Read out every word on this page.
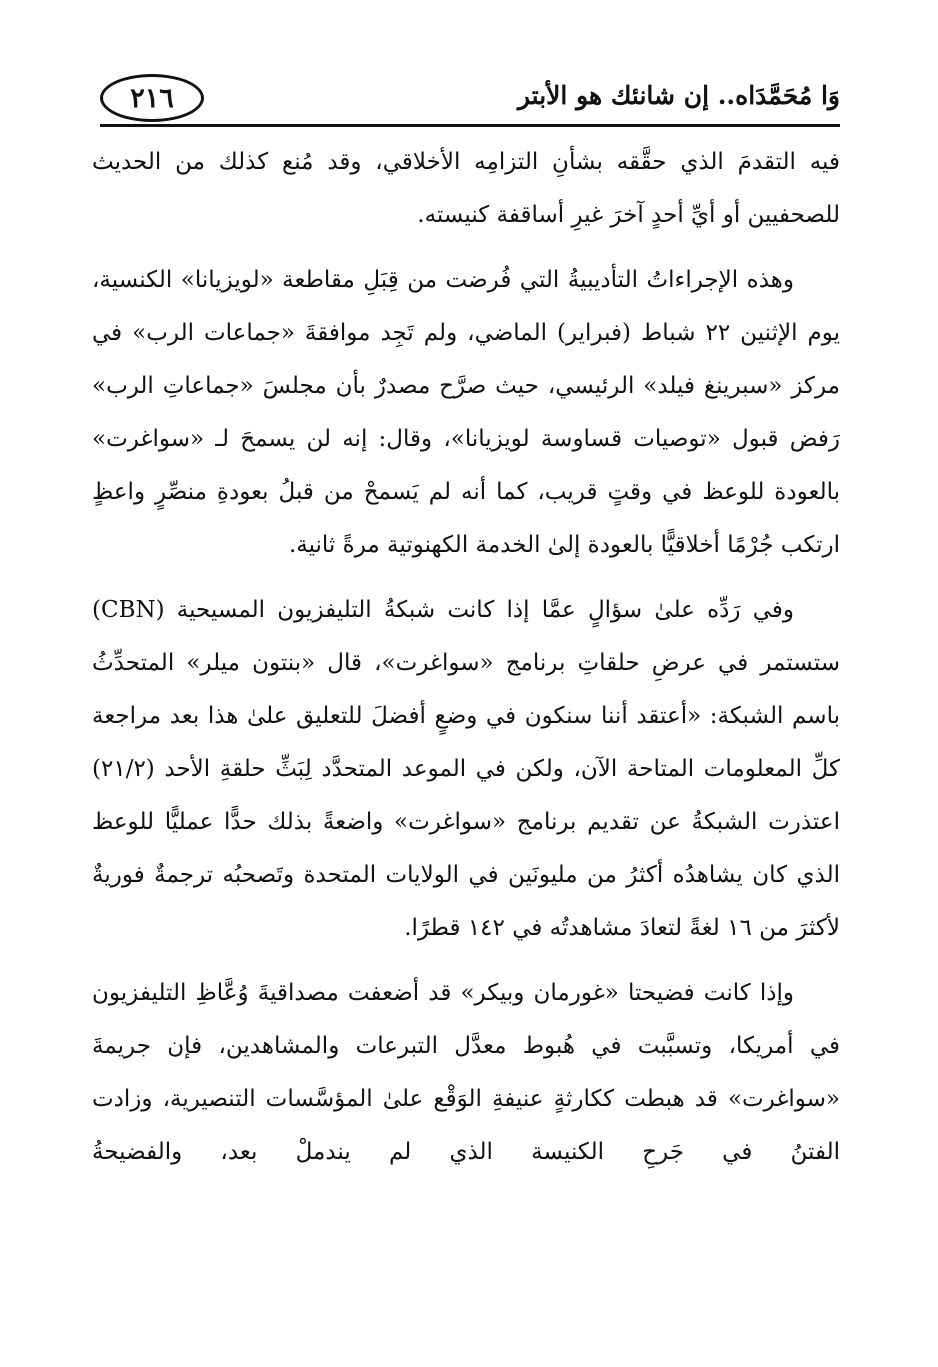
٢١٦	وَا مُحَمَّدَاه.. إن شانئك هو الأبتر

فيه التقدمَ الذي حقَّقه بشأنِ التزامِه الأخلاقي، وقد مُنع كذلك من الحديث للصحفيين أو أيِّ أحدٍ آخرَ غيرِ أساقفة كنيسته.

وهذه الإجراءاتُ التأديبيةُ التي فُرضت من قِبَلِ مقاطعة «لويزيانا» الكنسية، يوم الإثنين ٢٢ شباط (فبراير) الماضي، ولم تَجِد موافقةَ «جماعات الرب» في مركز «سبرينغ فيلد» الرئيسي، حيث صرَّح مصدرٌ بأن مجلسَ «جماعاتِ الرب» رَفض قبول «توصيات قساوسة لويزيانا»، وقال: إنه لن يسمحَ لـ «سواغرت» بالعودة للوعظ في وقتٍ قريب، كما أنه لم يَسمحْ من قبلُ بعودةِ منصِّرٍ واعظٍ ارتكب جُرْمًا أخلاقيًّا بالعودة إلىٰ الخدمة الكهنوتية مرةً ثانية.

وفي رَدِّه علىٰ سؤالٍ عمَّا إذا كانت شبكةُ التليفزيون المسيحية (CBN) ستستمر في عرضِ حلقاتِ برنامج «سواغرت»، قال «بنتون ميلر» المتحدِّثُ باسم الشبكة: «أعتقد أننا سنكون في وضعٍ أفضلَ للتعليق علىٰ هذا بعد مراجعة كلِّ المعلومات المتاحة الآن، ولكن في الموعد المتحدَّد لِبَثِّ حلقةِ الأحد (٢١/٢) اعتذرت الشبكةُ عن تقديم برنامج «سواغرت» واضعةً بذلك حدًّا عمليًّا للوعظ الذي كان يشاهدُه أكثرُ من مليونَين في الولايات المتحدة وتَصحبُه ترجمةٌ فوريةٌ لأكثرَ من ١٦ لغةً لتعادَ مشاهدتُه في ١٤٢ قطرًا.

وإذا كانت فضيحتا «غورمان وبيكر» قد أضعفت مصداقيةَ وُعَّاظِ التليفزيون في أمريكا، وتسبَّبت في هُبوط معدَّل التبرعات والمشاهدين، فإن جريمةَ «سواغرت» قد هبطت ككارثةٍ عنيفةِ الوَقْع علىٰ المؤسَّسات التنصيرية، وزادت الفتنُ في جَرحِ الكنيسة الذي لم يندملْ بعد، والفضيحةُ
